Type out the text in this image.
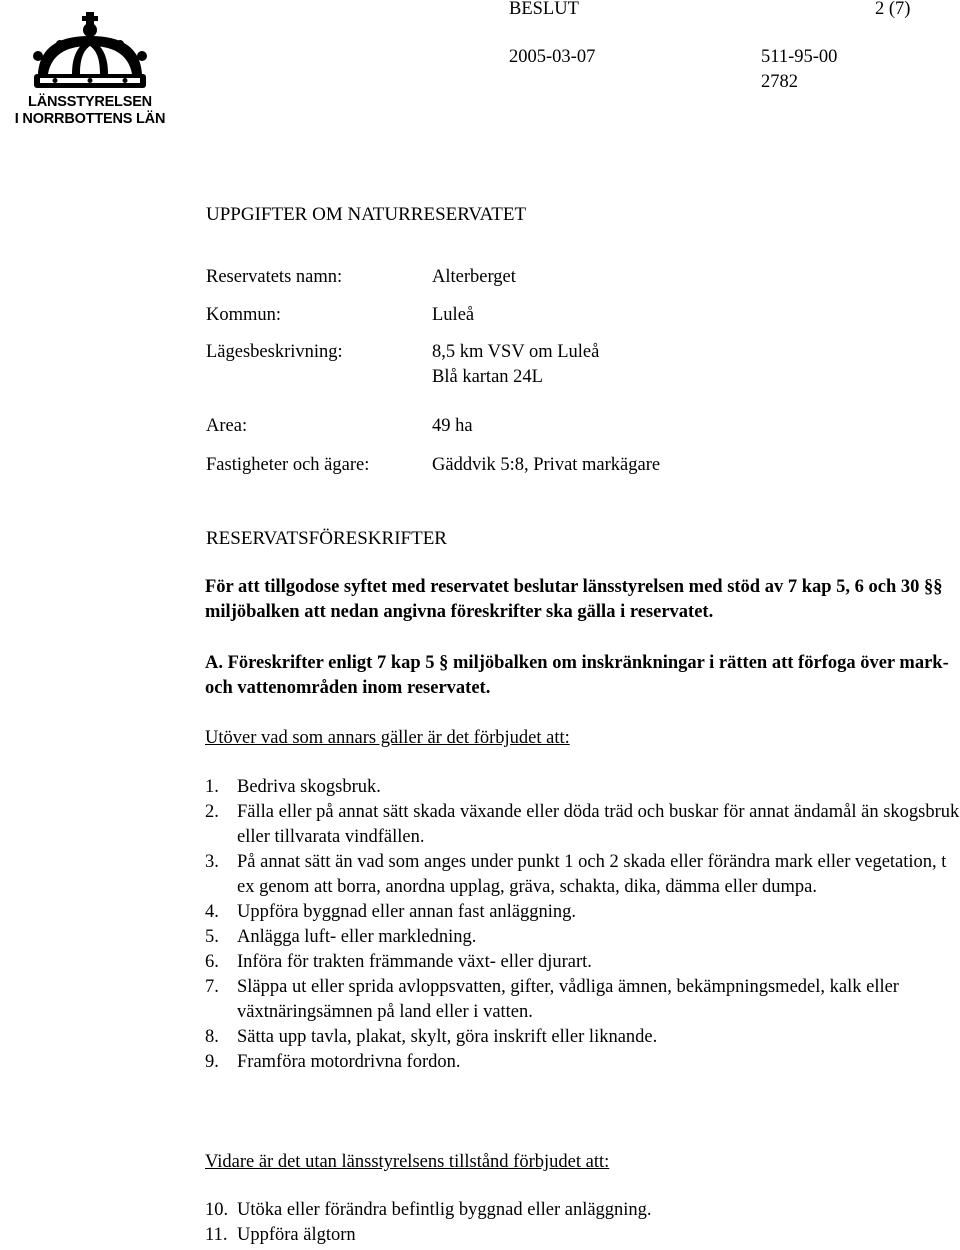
LÄNSSTYRELSEN
I NORRBOTTENS LÄN
BESLUT	2 (7)
2005-03-07	511-95-00
2782
UPPGIFTER OM NATURRESERVATET
Reservatets namn:	Alterberget
Kommun:	Luleå
Lägesbeskrivning:	8,5 km VSV om Luleå
Blå kartan 24L
Area:	49 ha
Fastigheter och ägare:	Gäddvik 5:8, Privat markägare
RESERVATSFÖRESKRIFTER
För att tillgodose syftet med reservatet beslutar länsstyrelsen med stöd av 7 kap 5, 6 och 30 §§ miljöbalken att nedan angivna föreskrifter ska gälla i reservatet.
A. Föreskrifter enligt 7 kap 5 § miljöbalken om inskränkningar i rätten att förfoga över mark- och vattenområden inom reservatet.
Utöver vad som annars gäller är det förbjudet att:
1. Bedriva skogsbruk.
2. Fälla eller på annat sätt skada växande eller döda träd och buskar för annat ändamål än skogsbruk eller tillvarata vindfällen.
3. På annat sätt än vad som anges under punkt 1 och 2 skada eller förändra mark eller vegetation, t ex genom att borra, anordna upplag, gräva, schakta, dika, dämma eller dumpa.
4. Uppföra byggnad eller annan fast anläggning.
5. Anlägga luft- eller markledning.
6. Införa för trakten främmande växt- eller djurart.
7. Släppa ut eller sprida avloppsvatten, gifter, vådliga ämnen, bekämpningsmedel, kalk eller växtnäringsämnen på land eller i vatten.
8. Sätta upp tavla, plakat, skylt, göra inskrift eller liknande.
9. Framföra motordrivna fordon.
Vidare är det utan länsstyrelsens tillstånd förbjudet att:
10. Utöka eller förändra befintlig byggnad eller anläggning.
11. Uppföra älgtorn
